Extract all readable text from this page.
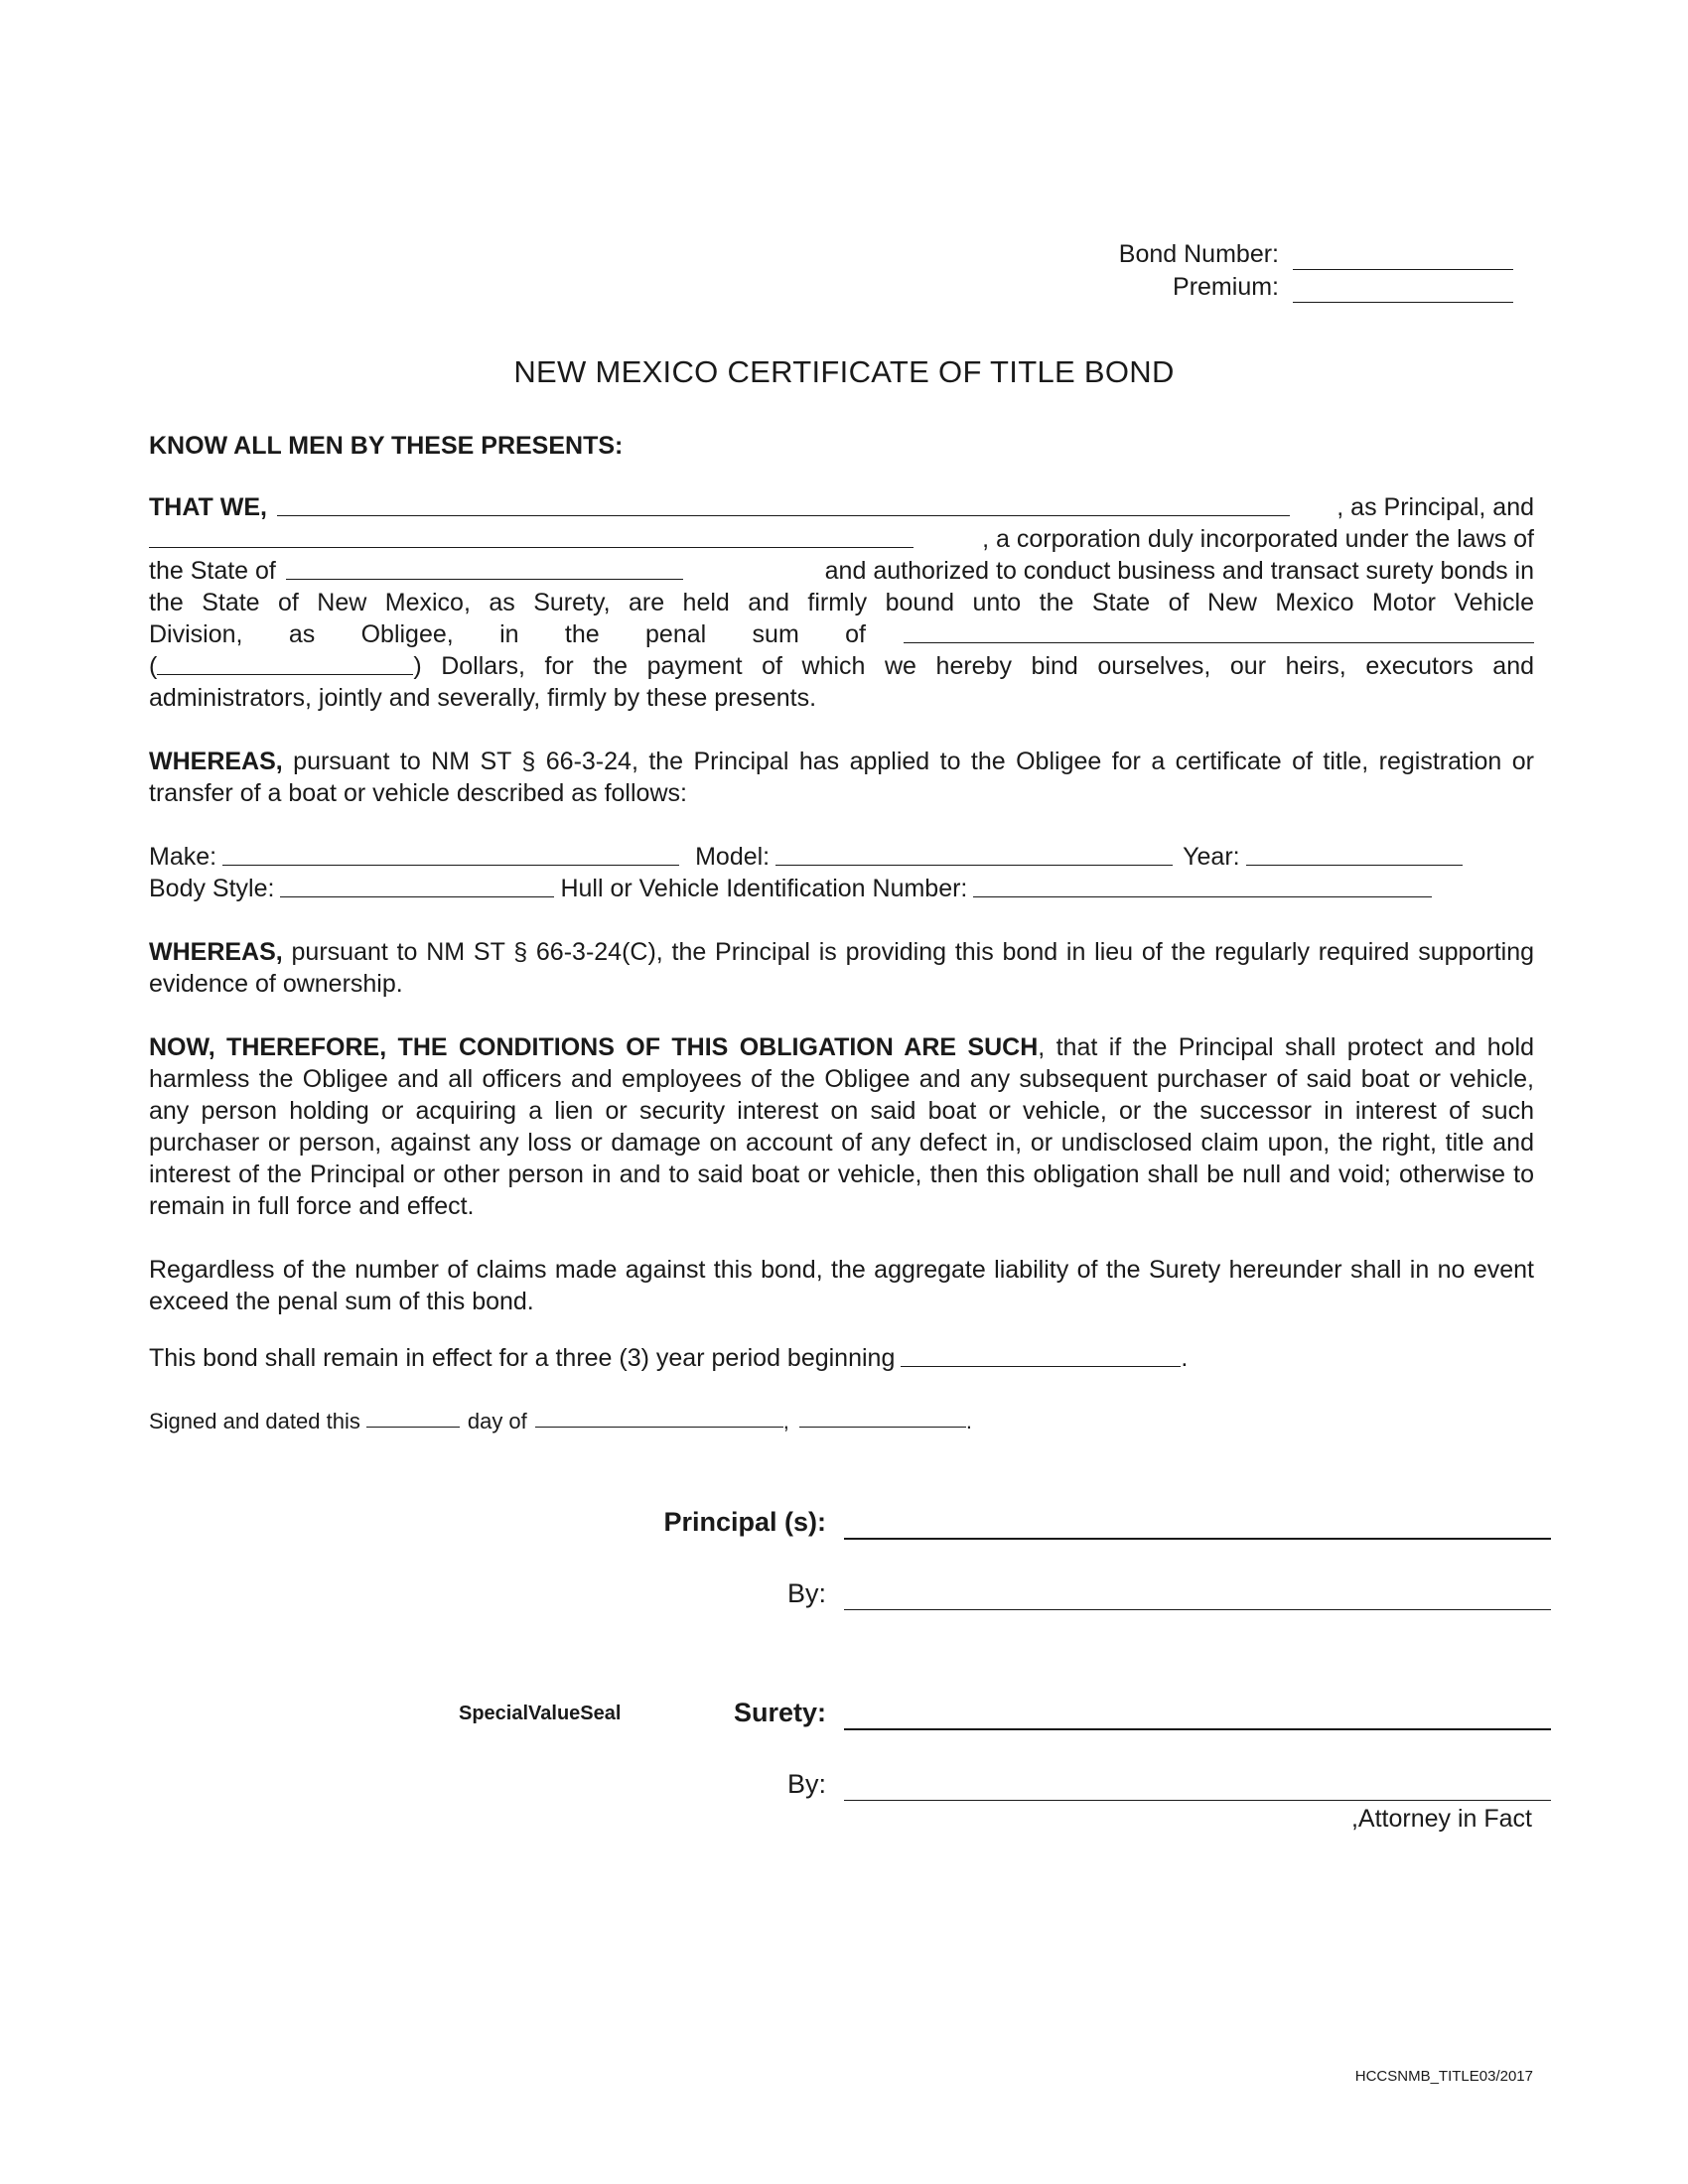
Bond Number:
Premium:
NEW MEXICO CERTIFICATE OF TITLE BOND
KNOW ALL MEN BY THESE PRESENTS:
THAT WE,	, as Principal, and
, a corporation duly incorporated under the laws of
the State of	and authorized to conduct business and transact surety bonds in
the State of New Mexico, as Surety, are held and firmly bound unto the State of New Mexico Motor Vehicle
Division, as Obligee, in the penal sum of
(	) Dollars, for the payment of which we hereby bind ourselves, our heirs, executors and
administrators, jointly and severally, firmly by these presents.
WHEREAS, pursuant to NM ST § 66-3-24, the Principal has applied to the Obligee for a certificate of title, registration or transfer of a boat or vehicle described as follows:
Make:	Model:	Year:
Body Style:	Hull or Vehicle Identification Number:
WHEREAS, pursuant to NM ST § 66-3-24(C), the Principal is providing this bond in lieu of the regularly required supporting evidence of ownership.
NOW, THEREFORE, THE CONDITIONS OF THIS OBLIGATION ARE SUCH, that if the Principal shall protect and hold harmless the Obligee and all officers and employees of the Obligee and any subsequent purchaser of said boat or vehicle, any person holding or acquiring a lien or security interest on said boat or vehicle, or the successor in interest of such purchaser or person, against any loss or damage on account of any defect in, or undisclosed claim upon, the right, title and interest of the Principal or other person in and to said boat or vehicle, then this obligation shall be null and void; otherwise to remain in full force and effect.
Regardless of the number of claims made against this bond, the aggregate liability of the Surety hereunder shall in no event exceed the penal sum of this bond.
This bond shall remain in effect for a three (3) year period beginning	.
Signed and dated this	day of	,	.
Principal (s):
By:
SpecialValueSeal	Surety:
By:
,Attorney in Fact
HCCSNMB_TITLE03/2017
